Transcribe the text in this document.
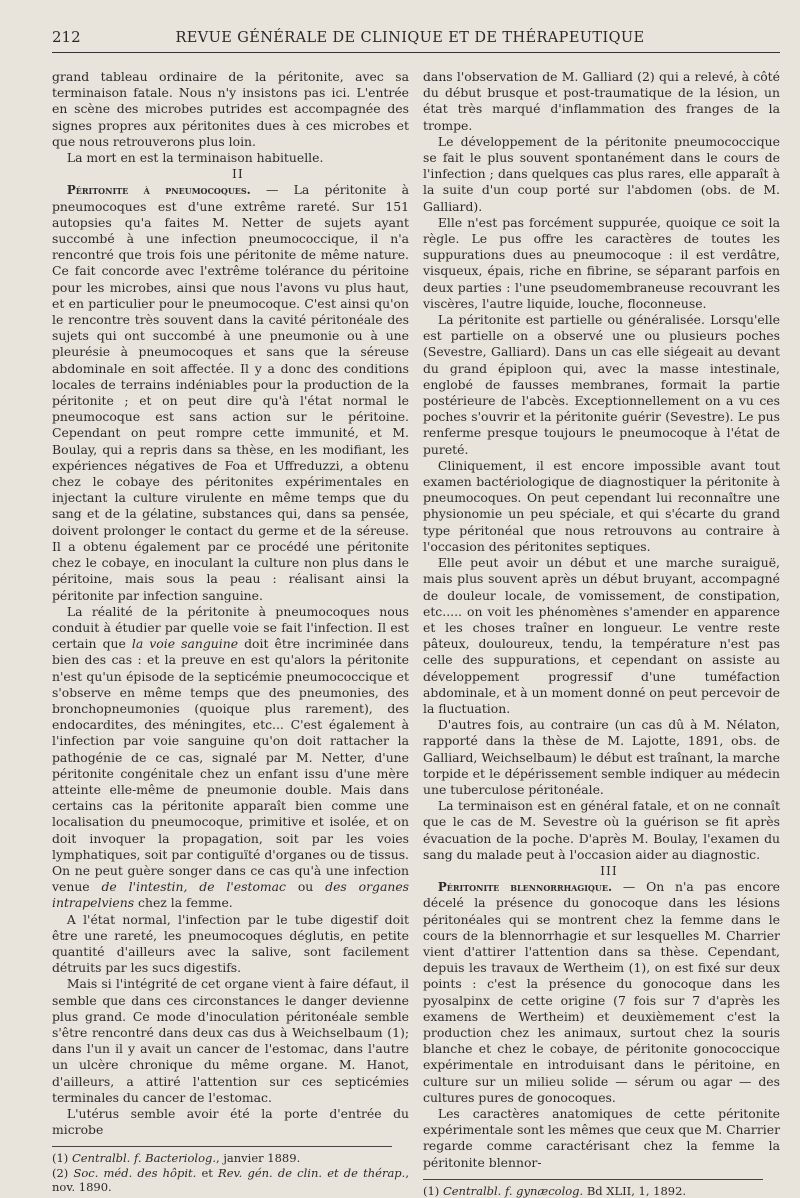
212	REVUE GÉNÉRALE DE CLINIQUE ET DE THÉRAPEUTIQUE

grand tableau ordinaire de la péritonite, avec sa terminaison fatale. Nous n'y insistons pas ici. L'entrée en scène des microbes putrides est accompagnée des signes propres aux péritonites dues à ces microbes et que nous retrouverons plus loin.

La mort en est la terminaison habituelle.

II

Péritonite à pneumocoques. — La péritonite à pneumocoques est d'une extrême rareté. Sur 151 autopsies qu'a faites M. Netter de sujets ayant succombé à une infection pneumococcique, il n'a rencontré que trois fois une péritonite de même nature. Ce fait concorde avec l'extrême tolérance du péritoine pour les microbes, ainsi que nous l'avons vu plus haut, et en particulier pour le pneumocoque. C'est ainsi qu'on le rencontre très souvent dans la cavité péritonéale des sujets qui ont succombé à une pneumonie ou à une pleurésie à pneumocoques et sans que la séreuse abdominale en soit affectée. Il y a donc des conditions locales de terrains indéniables pour la production de la péritonite ; et on peut dire qu'à l'état normal le pneumocoque est sans action sur le péritoine. Cependant on peut rompre cette immunité, et M. Boulay, qui a repris dans sa thèse, en les modifiant, les expériences négatives de Foa et Uffreduzzi, a obtenu chez le cobaye des péritonites expérimentales en injectant la culture virulente en même temps que du sang et de la gélatine, substances qui, dans sa pensée, doivent prolonger le contact du germe et de la séreuse. Il a obtenu également par ce procédé une péritonite chez le cobaye, en inoculant la culture non plus dans le péritoine, mais sous la peau : réalisant ainsi la péritonite par infection sanguine.

La réalité de la péritonite à pneumocoques nous conduit à étudier par quelle voie se fait l'infection. Il est certain que la voie sanguine doit être incriminée dans bien des cas : et la preuve en est qu'alors la péritonite n'est qu'un épisode de la septicémie pneumococcique et s'observe en même temps que des pneumonies, des bronchopneumonies (quoique plus rarement), des endocardites, des méningites, etc... C'est également à l'infection par voie sanguine qu'on doit rattacher la pathogénie de ce cas, signalé par M. Netter, d'une péritonite congénitale chez un enfant issu d'une mère atteinte elle-même de pneumonie double. Mais dans certains cas la péritonite apparaît bien comme une localisation du pneumocoque, primitive et isolée, et on doit invoquer la propagation, soit par les voies lymphatiques, soit par contiguïté d'organes ou de tissus. On ne peut guère songer dans ce cas qu'à une infection venue de l'intestin, de l'estomac ou des organes intrapelviens chez la femme.

A l'état normal, l'infection par le tube digestif doit être une rareté, les pneumocoques déglutis, en petite quantité d'ailleurs avec la salive, sont facilement détruits par les sucs digestifs.

Mais si l'intégrité de cet organe vient à faire défaut, il semble que dans ces circonstances le danger devienne plus grand. Ce mode d'inoculation péritonéale semble s'être rencontré dans deux cas dus à Weichselbaum (1); dans l'un il y avait un cancer de l'estomac, dans l'autre un ulcère chronique du même organe. M. Hanot, d'ailleurs, a attiré l'attention sur ces septicémies terminales du cancer de l'estomac.

L'utérus semble avoir été la porte d'entrée du microbe

(1) Centralbl. f. Bacteriolog., janvier 1889.

(2) Soc. méd. des hôpit. et Rev. gén. de clin. et de thérap., nov. 1890.

dans l'observation de M. Galliard (2) qui a relevé, à côté du début brusque et post-traumatique de la lésion, un état très marqué d'inflammation des franges de la trompe.

Le développement de la péritonite pneumococcique se fait le plus souvent spontanément dans le cours de l'infection ; dans quelques cas plus rares, elle apparaît à la suite d'un coup porté sur l'abdomen (obs. de M. Galliard).

Elle n'est pas forcément suppurée, quoique ce soit la règle. Le pus offre les caractères de toutes les suppurations dues au pneumocoque : il est verdâtre, visqueux, épais, riche en fibrine, se séparant parfois en deux parties : l'une pseudomembraneuse recouvrant les viscères, l'autre liquide, louche, floconneuse.

La péritonite est partielle ou généralisée. Lorsqu'elle est partielle on a observé une ou plusieurs poches (Sevestre, Galliard). Dans un cas elle siégeait au devant du grand épiploon qui, avec la masse intestinale, englobé de fausses membranes, formait la partie postérieure de l'abcès. Exceptionnellement on a vu ces poches s'ouvrir et la péritonite guérir (Sevestre). Le pus renferme presque toujours le pneumocoque à l'état de pureté.

Cliniquement, il est encore impossible avant tout examen bactériologique de diagnostiquer la péritonite à pneumocoques. On peut cependant lui reconnaître une physionomie un peu spéciale, et qui s'écarte du grand type péritonéal que nous retrouvons au contraire à l'occasion des péritonites septiques.

Elle peut avoir un début et une marche suraiguë, mais plus souvent après un début bruyant, accompagné de douleur locale, de vomissement, de constipation, etc..... on voit les phénomènes s'amender en apparence et les choses traîner en longueur. Le ventre reste pâteux, douloureux, tendu, la température n'est pas celle des suppurations, et cependant on assiste au développement progressif d'une tuméfaction abdominale, et à un moment donné on peut percevoir de la fluctuation.

D'autres fois, au contraire (un cas dû à M. Nélaton, rapporté dans la thèse de M. Lajotte, 1891, obs. de Galliard, Weichselbaum) le début est traînant, la marche torpide et le dépérissement semble indiquer au médecin une tuberculose péritonéale.

La terminaison est en général fatale, et on ne connaît que le cas de M. Sevestre où la guérison se fit après évacuation de la poche. D'après M. Boulay, l'examen du sang du malade peut à l'occasion aider au diagnostic.

III

Péritonite blennorrhagique. — On n'a pas encore décelé la présence du gonocoque dans les lésions péritonéales qui se montrent chez la femme dans le cours de la blennorrhagie et sur lesquelles M. Charrier vient d'attirer l'attention dans sa thèse. Cependant, depuis les travaux de Wertheim (1), on est fixé sur deux points : c'est la présence du gonocoque dans les pyosalpinx de cette origine (7 fois sur 7 d'après les examens de Wertheim) et deuxièmement c'est la production chez les animaux, surtout chez la souris blanche et chez le cobaye, de péritonite gonococcique expérimentale en introduisant dans le péritoine, en culture sur un milieu solide — sérum ou agar — des cultures pures de gonocoques.

Les caractères anatomiques de cette péritonite expérimentale sont les mêmes que ceux que M. Charrier regarde comme caractérisant chez la femme la péritonite blennor-

(1) Centralbl. f. gynæcolog. Bd XLII, 1, 1892.
